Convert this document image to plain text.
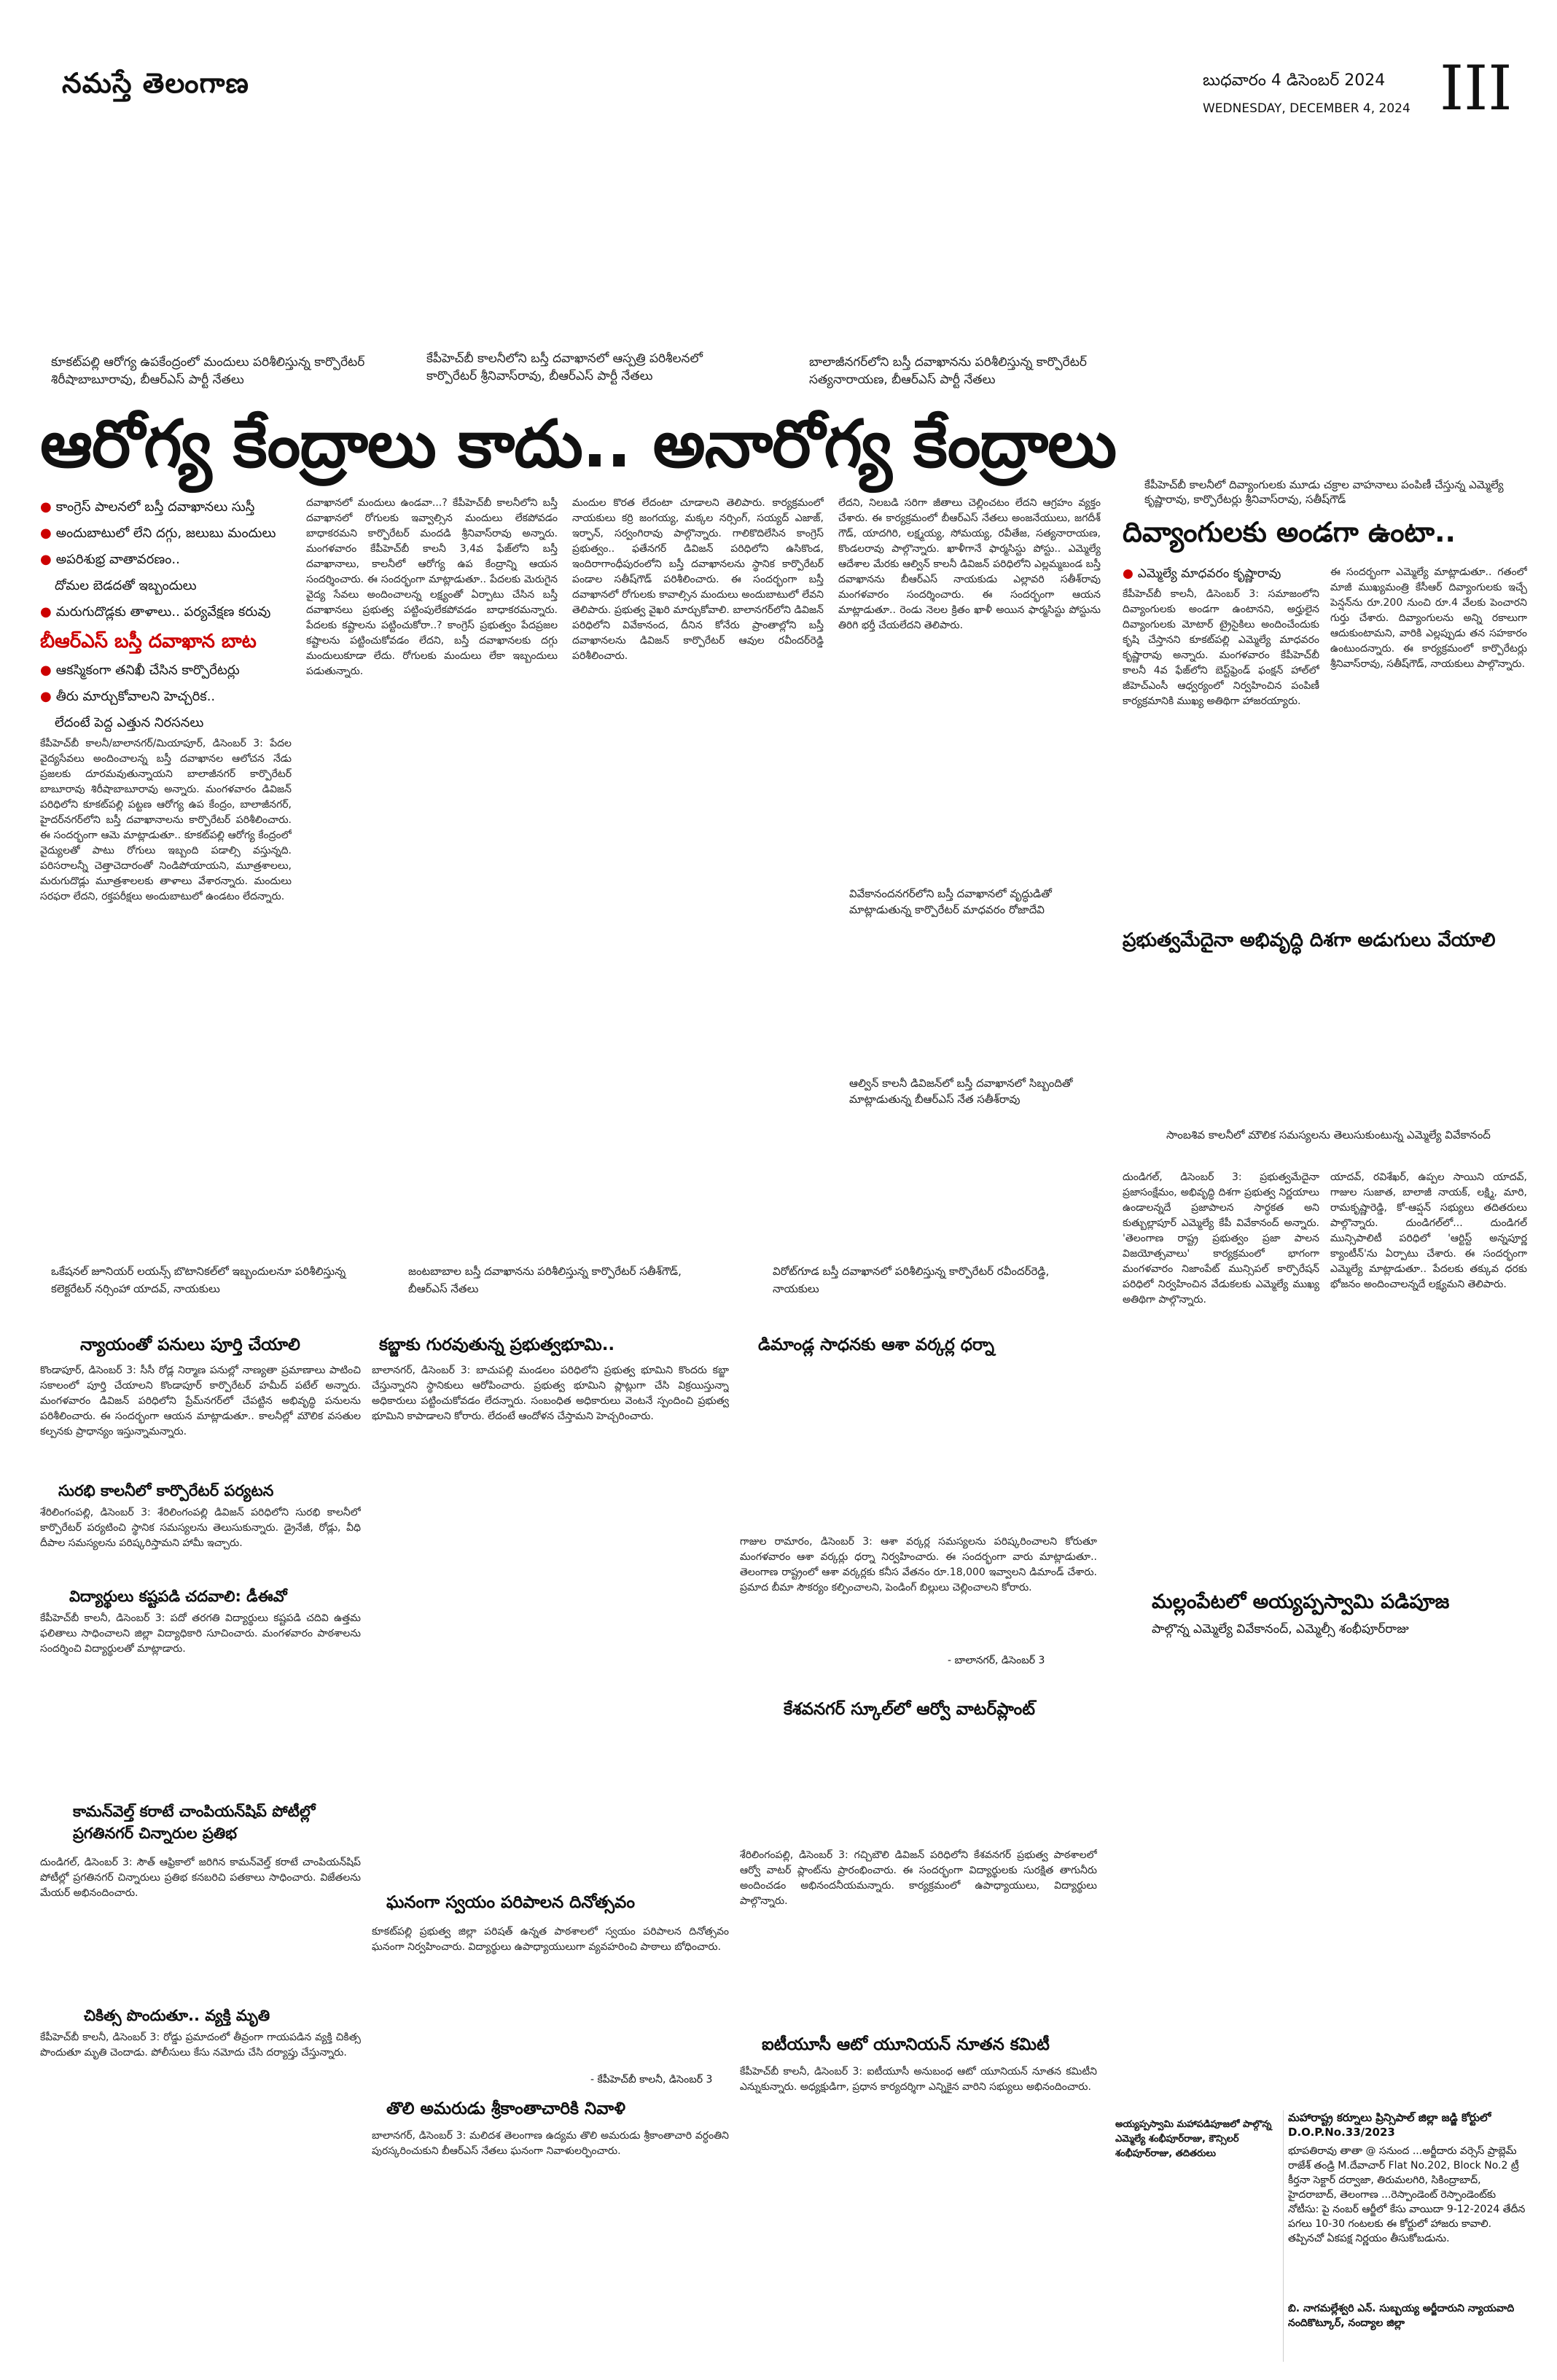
నమస్తే తెలంగాణ	బుధవారం 4 డిసెంబర్ 2024
WEDNESDAY, DECEMBER 4, 2024 III
కూకట్‌పల్లి ఆరోగ్య ఉపకేంద్రంలో మందులు పరిశీలిస్తున్న కార్పొరేటర్ శిరీషాబాబూరావు, బీఆర్‌ఎస్ పార్టీ నేతలు
కేపీహెచ్‌బీ కాలనీలోని బస్తీ దవాఖానలో ఆస్పత్రి పరిశీలనలో కార్పొరేటర్ శ్రీనివాస్‌రావు, బీఆర్‌ఎస్ పార్టీ నేతలు
బాలాజీనగర్‌లోని బస్తీ దవాఖానను పరిశీలిస్తున్న కార్పొరేటర్ సత్యనారాయణ, బీఆర్‌ఎస్ పార్టీ నేతలు
ఆరోగ్య కేంద్రాలు కాదు.. అనారోగ్య కేంద్రాలు
● కాంగ్రెస్ పాలనలో బస్తీ దవాఖానలు సుస్తీ
● అందుబాటులో లేని దగ్గు, జలుబు మందులు
● అపరిశుభ్ర వాతావరణం..
దోమల బెడదతో ఇబ్బందులు
● మరుగుదొడ్లకు తాళాలు.. పర్యవేక్షణ కరువు
బీఆర్‌ఎస్ బస్తీ దవాఖాన బాట
● ఆకస్మికంగా తనిఖీ చేసిన కార్పొరేటర్లు
● తీరు మార్చుకోవాలని హెచ్చరిక..
లేదంటే పెద్ద ఎత్తున నిరసనలు
కేపీహెచ్‌బీ కాలనీ/బాలానగర్/మియాపూర్, డిసెంబర్ 3: పేదల వైద్యసేవలు అందించాలన్న బస్తీ దవాఖానల ఆలోచన నేడు ప్రజలకు దూరమవుతున్నాయని బాలాజీనగర్ కార్పొరేటర్ బాబూరావు శిరీషాబాబూరావు అన్నారు. మంగళవారం డివిజన్ పరిధిలోని కూకట్‌పల్లి పట్టణ ఆరోగ్య ఉప కేంద్రం, బాలాజీనగర్, హైదర్‌నగర్‌లోని బస్తీ దవాఖానాలను కార్పొరేటర్ పరిశీలించారు. ఈ సందర్భంగా ఆమె మాట్లాడుతూ.. కూకట్‌పల్లి ఆరోగ్య కేంద్రంలో వైద్యులతో పాటు రోగులు ఇబ్బంది పడాల్సి వస్తున్నది. పరిసరాలన్నీ చెత్తాచెదారంతో నిండిపోయాయని, మూత్రశాలలు, మరుగుదొడ్లు మూత్రశాలలకు తాళాలు వేశారన్నారు. మందులు సరఫరా లేదని, రక్తపరీక్షలు అందుబాటులో ఉండటం లేదన్నారు.
దవాఖానలో మందులు ఉండవా...? కేపీహెచ్‌బీ కాలనీలోని బస్తీ దవాఖానలో రోగులకు ఇవ్వాల్సిన మందులు లేకపోవడం బాధాకరమని కార్పొరేటర్ మందడి శ్రీనివాస్‌రావు అన్నారు. మంగళవారం కేపీహెచ్‌బీ కాలనీ 3,4వ ఫేజ్‌లోని బస్తీ దవాఖానాలు, కాలనీలో ఆరోగ్య ఉప కేంద్రాన్ని ఆయన సందర్శించారు. ఈ సందర్భంగా మాట్లాడుతూ.. పేదలకు మెరుగైన వైద్య సేవలు అందించాలన్న లక్ష్యంతో ఏర్పాటు చేసిన బస్తీ దవాఖానలు ప్రభుత్వ పట్టింపులేకపోవడం బాధాకరమన్నారు. పేదలకు కష్టాలను పట్టించుకోరా..? కాంగ్రెస్ ప్రభుత్వం పేదప్రజల కష్టాలను పట్టించుకోవడం లేదని, బస్తీ దవాఖానలకు దగ్గు మందులుకూడా లేదు. రోగులకు మందులు లేకా ఇబ్బందులు పడుతున్నారు.
మందుల కొరత లేదంటా చూడాలని తెలిపారు. కార్యక్రమంలో నాయకులు కర్రి జంగయ్య, మక్కల నర్సింగ్, సయ్యద్ ఎజాజ్, ఇర్ఫాన్, సర్వంగిరావు పాల్గొన్నారు. గాలికొదిలేసిన కాంగ్రెస్ ప్రభుత్వం.. ఫతేనగర్ డివిజన్ పరిధిలోని ఉసికొండ, ఇందిరాగాంధీపురంలోని బస్తీ దవాఖానలను స్థానిక కార్పొరేటర్ పండాల సతీష్‌గౌడ్ పరిశీలించారు. ఈ సందర్భంగా బస్తీ దవాఖానలో రోగులకు కావాల్సిన మందులు అందుబాటులో లేవని తెలిపారు. ప్రభుత్వ వైఖరి మార్చుకోవాలి. బాలానగర్‌లోని డివిజన్ పరిధిలోని వివేకానంద, దీనిన కోనేరు ప్రాంతాల్లోని బస్తీ దవాఖానలను డివిజన్ కార్పొరేటర్ ఆవుల రవీందర్‌రెడ్డి పరిశీలించారు.
లేదని, నిలబడి సరిగా జీతాలు చెల్లించటం లేదని ఆగ్రహం వ్యక్తం చేశారు. ఈ కార్యక్రమంలో బీఆర్‌ఎస్ నేతలు అంజనేయులు, జగదీశ్ గౌడ్, యాదగిరి, లక్ష్మయ్య, సోమయ్య, రవీతేజ, సత్యనారాయణ, కొండలరావు పాల్గొన్నారు. ఖాళీగానే ఫార్మసిస్టు పోస్టు.. ఎమ్మెల్యే ఆదేశాల మేరకు ఆల్విన్ కాలనీ డివిజన్ పరిధిలోని ఎల్లమ్మబండ బస్తీ దవాఖానను బీఆర్‌ఎస్ నాయకుడు ఎల్లావరి సతీశ్‌రావు మంగళవారం సందర్శించారు. ఈ సందర్భంగా ఆయన మాట్లాడుతూ.. రెండు నెలల క్రితం ఖాళీ అయిన ఫార్మసిస్టు పోస్టును తిరిగి భర్తీ చేయలేదని తెలిపారు.
వివేకానందనగర్‌లోని బస్తీ దవాఖానలో వృద్ధుడితో మాట్లాడుతున్న కార్పొరేటర్ మాధవరం రోజాదేవి
ఆల్విన్ కాలనీ డివిజన్‌లో బస్తీ దవాఖానలో సిబ్బందితో మాట్లాడుతున్న బీఆర్‌ఎస్ నేత సతీశ్‌రావు
కేపీహెచ్‌బీ కాలనీలో దివ్యాంగులకు మూడు చక్రాల వాహనాలు పంపిణీ చేస్తున్న ఎమ్మెల్యే కృష్ణారావు, కార్పొరేటర్లు శ్రీనివాస్‌రావు, సతీష్‌గౌడ్
దివ్యాంగులకు అండగా ఉంటా..
● ఎమ్మెల్యే మాధవరం కృష్ణారావు
కేపీహెచ్‌బీ కాలనీ, డిసెంబర్ 3: సమాజంలోని దివ్యాంగులకు అండగా ఉంటానని, అర్హులైన దివ్యాంగులకు మోటార్ ట్రైసైకిలు అందించేందుకు కృషి చేస్తానని కూకట్‌పల్లి ఎమ్మెల్యే మాధవరం కృష్ణారావు అన్నారు. మంగళవారం కేపీహెచ్‌బీ కాలనీ 4వ ఫేజ్‌లోని బెస్ట్‌ఫ్రెండ్ ఫంక్షన్ హాల్‌లో జీహెచ్ఎంసీ ఆధ్వర్యంలో నిర్వహించిన పంపిణీ కార్యక్రమానికి ముఖ్య అతిథిగా హాజరయ్యారు.
ఈ సందర్భంగా ఎమ్మెల్యే మాట్లాడుతూ.. గతంలో మాజీ ముఖ్యమంత్రి కేసీఆర్ దివ్యాంగులకు ఇచ్చే పెన్షన్‌ను రూ.200 నుంచి రూ.4 వేలకు పెంచారని గుర్తు చేశారు. దివ్యాంగులను అన్ని రకాలుగా ఆదుకుంటామని, వారికి ఎల్లప్పుడు తన సహకారం ఉంటుందన్నారు. ఈ కార్యక్రమంలో కార్పొరేటర్లు శ్రీనివాస్‌రావు, సతీష్‌గౌడ్, నాయకులు పాల్గొన్నారు.
ప్రభుత్వమేదైనా అభివృద్ధి దిశగా అడుగులు వేయాలి
సాంబశివ కాలనీలో మౌలిక సమస్యలను తెలుసుకుంటున్న ఎమ్మెల్యే వివేకానంద్
దుండిగల్, డిసెంబర్ 3: ప్రభుత్వమేదైనా ప్రజాసంక్షేమం, అభివృద్ధి దిశగా ప్రభుత్వ నిర్ణయాలు ఉండాలన్నదే ప్రజాపాలన సార్థకత అని కుత్బుల్లాపూర్ ఎమ్మెల్యే కేపీ వివేకానంద్ అన్నారు. 'తెలంగాణ రాష్ట్ర ప్రభుత్వం ప్రజా పాలన విజయోత్సవాలు' కార్యక్రమంలో భాగంగా మంగళవారం నిజాంపేట్ మున్సిపల్ కార్పొరేషన్ పరిధిలో నిర్వహించిన వేడుకలకు ఎమ్మెల్యే ముఖ్య అతిథిగా పాల్గొన్నారు.
యాదవ్, రవిశేఖర్, ఉప్పల సాయిని యాదవ్, గాజుల సుజాత, బాలాజీ నాయక్, లక్ష్మి, మారి, రామకృష్ణారెడ్డి, కో-ఆప్షన్ సభ్యులు తదితరులు పాల్గొన్నారు. దుండిగల్‌లో... దుండిగల్ మున్సిపాలిటీ పరిధిలో 'ఆర్టిస్ట్ అన్నపూర్ణ క్యాంటీన్'ను ఏర్పాటు చేశారు. ఈ సందర్భంగా ఎమ్మెల్యే మాట్లాడుతూ.. పేదలకు తక్కువ ధరకు భోజనం అందించాలన్నదే లక్ష్యమని తెలిపారు.
మల్లంపేటలో అయ్యప్పస్వామి పడిపూజ
పాల్గొన్న ఎమ్మెల్యే వివేకానంద్, ఎమ్మెల్సీ శంభీపూర్‌రాజు
ఒకేషనల్ జూనియర్ లయన్స్ బొటానికల్‌లో ఇబ్బందులనూ పరిశీలిస్తున్న కలెక్టరేటర్ నర్సింహా యాదవ్, నాయకులు
జంటబాబాల బస్తీ దవాఖానను పరిశీలిస్తున్న కార్పొరేటర్ సతీశ్‌గౌడ్, బీఆర్‌ఎస్ నేతలు
విరోట్‌గూడ బస్తీ దవాఖానలో పరిశీలిస్తున్న కార్పొరేటర్ రవీందర్‌రెడ్డి, నాయకులు
న్యాయంతో పనులు పూర్తి చేయాలి
కొండాపూర్, డిసెంబర్ 3: సీసీ రోడ్ల నిర్మాణ పనుల్లో నాణ్యతా ప్రమాణాలు పాటించి సకాలంలో పూర్తి చేయాలని కొండాపూర్ కార్పొరేటర్ హమీద్ పటేల్ అన్నారు. మంగళవారం డివిజన్ పరిధిలోని ప్రేమ్‌నగర్‌లో చేపట్టిన అభివృద్ధి పనులను పరిశీలించారు. ఈ సందర్భంగా ఆయన మాట్లాడుతూ.. కాలనీల్లో మౌలిక వసతుల కల్పనకు ప్రాధాన్యం ఇస్తున్నామన్నారు.
సురభి కాలనీలో కార్పొరేటర్ పర్యటన
శేరిలింగంపల్లి, డిసెంబర్ 3: శేరిలింగంపల్లి డివిజన్ పరిధిలోని సురభి కాలనీలో కార్పొరేటర్ పర్యటించి స్థానిక సమస్యలను తెలుసుకున్నారు. డ్రైనేజీ, రోడ్లు, వీధి దీపాల సమస్యలను పరిష్కరిస్తామని హామీ ఇచ్చారు.
విద్యార్థులు కష్టపడి చదవాలి: డీఈవో
కేపీహెచ్‌బీ కాలనీ, డిసెంబర్ 3: పదో తరగతి విద్యార్థులు కష్టపడి చదివి ఉత్తమ ఫలితాలు సాధించాలని జిల్లా విద్యాధికారి సూచించారు. మంగళవారం పాఠశాలను సందర్శించి విద్యార్థులతో మాట్లాడారు.
కామన్‌వెల్త్ కరాటే చాంపియన్‌షిప్ పోటీల్లో ప్రగతినగర్ చిన్నారుల ప్రతిభ
దుండిగల్, డిసెంబర్ 3: సౌత్ ఆఫ్రికాలో జరిగిన కామన్‌వెల్త్ కరాటే చాంపియన్‌షిప్ పోటీల్లో ప్రగతినగర్ చిన్నారులు ప్రతిభ కనబరిచి పతకాలు సాధించారు. విజేతలను మేయర్ అభినందించారు.
చికిత్స పొందుతూ.. వ్యక్తి మృతి
కేపీహెచ్‌బీ కాలనీ, డిసెంబర్ 3: రోడ్డు ప్రమాదంలో తీవ్రంగా గాయపడిన వ్యక్తి చికిత్స పొందుతూ మృతి చెందాడు. పోలీసులు కేసు నమోదు చేసి దర్యాప్తు చేస్తున్నారు.
కబ్జాకు గురవుతున్న ప్రభుత్వభూమి..
బాలానగర్, డిసెంబర్ 3: బాచుపల్లి మండలం పరిధిలోని ప్రభుత్వ భూమిని కొందరు కబ్జా చేస్తున్నారని స్థానికులు ఆరోపించారు. ప్రభుత్వ భూమిని ప్లాట్లుగా చేసి విక్రయిస్తున్నా అధికారులు పట్టించుకోవడం లేదన్నారు. సంబంధిత అధికారులు వెంటనే స్పందించి ప్రభుత్వ భూమిని కాపాడాలని కోరారు. లేదంటే ఆందోళన చేస్తామని హెచ్చరించారు.
ఘనంగా స్వయం పరిపాలన దినోత్సవం
కూకట్‌పల్లి ప్రభుత్వ జిల్లా పరిషత్ ఉన్నత పాఠశాలలో స్వయం పరిపాలన దినోత్సవం ఘనంగా నిర్వహించారు. విద్యార్థులు ఉపాధ్యాయులుగా వ్యవహరించి పాఠాలు బోధించారు.
- కేపీహెచ్‌బీ కాలనీ, డిసెంబర్ 3
తొలి అమరుడు శ్రీకాంతాచారికి నివాళి
బాలానగర్, డిసెంబర్ 3: మలిదశ తెలంగాణ ఉద్యమ తొలి అమరుడు శ్రీకాంతాచారి వర్ధంతిని పురస్కరించుకుని బీఆర్‌ఎస్ నేతలు ఘనంగా నివాళులర్పించారు.
డిమాండ్ల సాధనకు ఆశా వర్కర్ల ధర్నా
గాజుల రామారం, డిసెంబర్ 3: ఆశా వర్కర్ల సమస్యలను పరిష్కరించాలని కోరుతూ మంగళవారం ఆశా వర్కర్లు ధర్నా నిర్వహించారు. ఈ సందర్భంగా వారు మాట్లాడుతూ.. తెలంగాణ రాష్ట్రంలో ఆశా వర్కర్లకు కనీస వేతనం రూ.18,000 ఇవ్వాలని డిమాండ్ చేశారు. ప్రమాద బీమా సౌకర్యం కల్పించాలని, పెండింగ్ బిల్లులు చెల్లించాలని కోరారు.
- బాలానగర్, డిసెంబర్ 3
కేశవనగర్ స్కూల్‌లో ఆర్వో వాటర్‌ప్లాంట్
శేరిలింగంపల్లి, డిసెంబర్ 3: గచ్చిబౌలి డివిజన్ పరిధిలోని కేశవనగర్ ప్రభుత్వ పాఠశాలలో ఆర్వో వాటర్ ప్లాంట్‌ను ప్రారంభించారు. ఈ సందర్భంగా విద్యార్థులకు సురక్షిత తాగునీరు అందించడం అభినందనీయమన్నారు. కార్యక్రమంలో ఉపాధ్యాయులు, విద్యార్థులు పాల్గొన్నారు.
ఐటీయూసీ ఆటో యూనియన్ నూతన కమిటీ
కేపీహెచ్‌బీ కాలనీ, డిసెంబర్ 3: ఐటీయూసీ అనుబంధ ఆటో యూనియన్ నూతన కమిటీని ఎన్నుకున్నారు. అధ్యక్షుడిగా, ప్రధాన కార్యదర్శిగా ఎన్నికైన వారిని సభ్యులు అభినందించారు.
అయ్యప్పస్వామి మహాపడిపూజలో పాల్గొన్న ఎమ్మెల్యే శంభీపూర్‌రాజు, కౌన్సిలర్ శంభీపూర్‌రాజు, తదితరులు
మహారాష్ట్ర కర్నూలు ప్రిన్సిపాల్ జిల్లా జడ్జి కోర్టులో D.O.P.No.33/2023
భూపతిరావు తాతా @ సనుంద ...అర్జీదారు వర్సెస్ ప్రాబ్లెమ్ రాజేశ్ తండ్రి M.దేవాచార్ Flat No.202, Block No.2 ట్రీ కీర్తనా సెక్టార్ దర్వాజా, తిరుమలగిరి, సికింద్రాబాద్, హైదరాబాద్, తెలంగాణ ...రెస్పాండెంట్ రెస్పాండెంట్‌కు నోటీసు: పై నంబర్ ఆర్జీలో కేసు వాయిదా 9-12-2024 తేదీన పగలు 10-30 గంటలకు ఈ కోర్టులో హాజరు కావాలి. తప్పినచో ఏకపక్ష నిర్ణయం తీసుకోబడును.
బి. నాగమల్లేశ్వరి ఎన్. సుబ్బయ్య అర్జీదారుని న్యాయవాది నందికొట్కూర్, నంద్యాల జిల్లా
